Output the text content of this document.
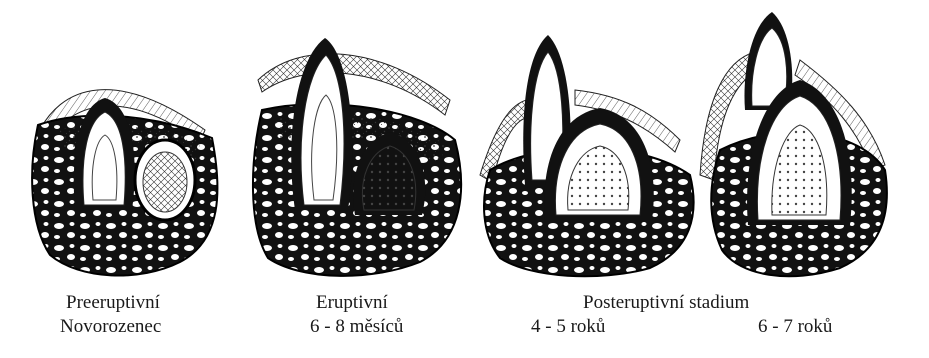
Preeruptivní
Novorozenec
Eruptivní
6 - 8 měsíců
Posteruptivní stadium
4 - 5 roků	6 - 7 roků
